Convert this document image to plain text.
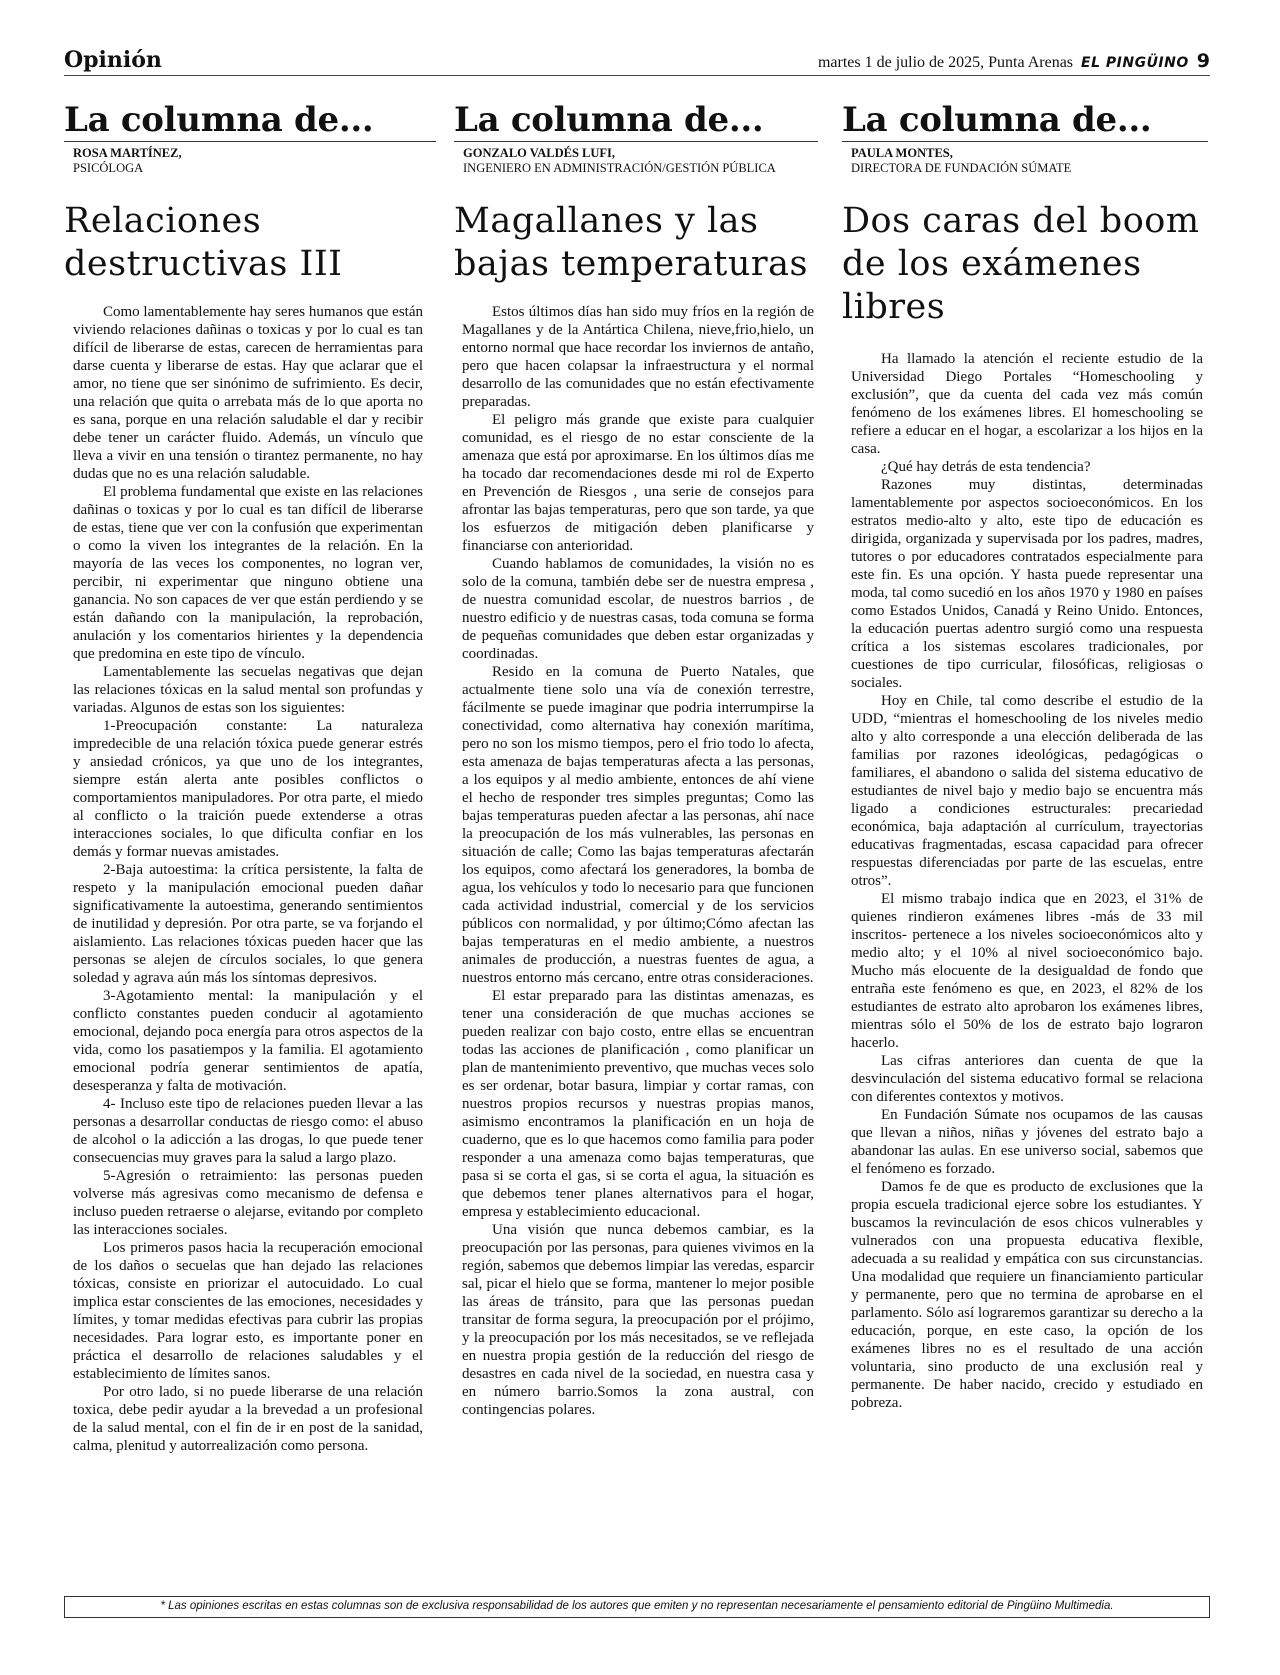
Opinión	martes 1 de julio de 2025, Punta Arenas EL PINGÜINO 9
La columna de...
ROSA MARTÍNEZ,
PSICÓLOGA
Relaciones destructivas III

Como lamentablemente hay seres humanos que están viviendo relaciones dañinas o toxicas y por lo cual es tan difícil de liberarse de estas, carecen de herramientas para darse cuenta y liberarse de estas. Hay que aclarar que el amor, no tiene que ser sinónimo de sufrimiento. Es decir, una relación que quita o arrebata más de lo que aporta no es sana, porque en una relación saludable el dar y recibir debe tener un carácter fluido. Además, un vínculo que lleva a vivir en una tensión o tirantez permanente, no hay dudas que no es una relación saludable.

El problema fundamental que existe en las relaciones dañinas o toxicas y por lo cual es tan difícil de liberarse de estas, tiene que ver con la confusión que experimentan o como la viven los integrantes de la relación. En la mayoría de las veces los componentes, no logran ver, percibir, ni experimentar que ninguno obtiene una ganancia. No son capaces de ver que están perdiendo y se están dañando con la manipulación, la reprobación, anulación y los comentarios hirientes y la dependencia que predomina en este tipo de vínculo.

Lamentablemente las secuelas negativas que dejan las relaciones tóxicas en la salud mental son profundas y variadas. Algunos de estas son los siguientes:

1-Preocupación constante: La naturaleza impredecible de una relación tóxica puede generar estrés y ansiedad crónicos, ya que uno de los integrantes, siempre están alerta ante posibles conflictos o comportamientos manipuladores. Por otra parte, el miedo al conflicto o la traición puede extenderse a otras interacciones sociales, lo que dificulta confiar en los demás y formar nuevas amistades.

2-Baja autoestima: la crítica persistente, la falta de respeto y la manipulación emocional pueden dañar significativamente la autoestima, generando sentimientos de inutilidad y depresión. Por otra parte, se va forjando el aislamiento. Las relaciones tóxicas pueden hacer que las personas se alejen de círculos sociales, lo que genera soledad y agrava aún más los síntomas depresivos.

3-Agotamiento mental: la manipulación y el conflicto constantes pueden conducir al agotamiento emocional, dejando poca energía para otros aspectos de la vida, como los pasatiempos y la familia. El agotamiento emocional podría generar sentimientos de apatía, desesperanza y falta de motivación.

4- Incluso este tipo de relaciones pueden llevar a las personas a desarrollar conductas de riesgo como: el abuso de alcohol o la adicción a las drogas, lo que puede tener consecuencias muy graves para la salud a largo plazo.

5-Agresión o retraimiento: las personas pueden volverse más agresivas como mecanismo de defensa e incluso pueden retraerse o alejarse, evitando por completo las interacciones sociales.

Los primeros pasos hacia la recuperación emocional de los daños o secuelas que han dejado las relaciones tóxicas, consiste en priorizar el autocuidado. Lo cual implica estar conscientes de las emociones, necesidades y límites, y tomar medidas efectivas para cubrir las propias necesidades. Para lograr esto, es importante poner en práctica el desarrollo de relaciones saludables y el establecimiento de límites sanos.

Por otro lado, si no puede liberarse de una relación toxica, debe pedir ayudar a la brevedad a un profesional de la salud mental, con el fin de ir en post de la sanidad, calma, plenitud y autorrealización como persona.

La columna de...
GONZALO VALDÉS LUFI,
INGENIERO EN ADMINISTRACIÓN/GESTIÓN PÚBLICA
Magallanes y las bajas temperaturas

Estos últimos días han sido muy fríos en la región de Magallanes y de la Antártica Chilena, nieve,frio,hielo, un entorno normal que hace recordar los inviernos de antaño, pero que hacen colapsar la infraestructura y el normal desarrollo de las comunidades que no están efectivamente preparadas.

El peligro más grande que existe para cualquier comunidad, es el riesgo de no estar consciente de la amenaza que está por aproximarse. En los últimos días me ha tocado dar recomendaciones desde mi rol de Experto en Prevención de Riesgos , una serie de consejos para afrontar las bajas temperaturas, pero que son tarde, ya que los esfuerzos de mitigación deben planificarse y financiarse con anterioridad.

Cuando hablamos de comunidades, la visión no es solo de la comuna, también debe ser de nuestra empresa , de nuestra comunidad escolar, de nuestros barrios , de nuestro edificio y de nuestras casas, toda comuna se forma de pequeñas comunidades que deben estar organizadas y coordinadas.

Resido en la comuna de Puerto Natales, que actualmente tiene solo una vía de conexión terrestre, fácilmente se puede imaginar que podria interrumpirse la conectividad, como alternativa hay conexión marítima, pero no son los mismo tiempos, pero el frio todo lo afecta, esta amenaza de bajas temperaturas afecta a las personas, a los equipos y al medio ambiente, entonces de ahí viene el hecho de responder tres simples preguntas; Como las bajas temperaturas pueden afectar a las personas, ahí nace la preocupación de los más vulnerables, las personas en situación de calle; Como las bajas temperaturas afectarán los equipos, como afectará los generadores, la bomba de agua, los vehículos y todo lo necesario para que funcionen cada actividad industrial, comercial y de los servicios públicos con normalidad, y por último;Cómo afectan las bajas temperaturas en el medio ambiente, a nuestros animales de producción, a nuestras fuentes de agua, a nuestros entorno más cercano, entre otras consideraciones.

El estar preparado para las distintas amenazas, es tener una consideración de que muchas acciones se pueden realizar con bajo costo, entre ellas se encuentran todas las acciones de planificación , como planificar un plan de mantenimiento preventivo, que muchas veces solo es ser ordenar, botar basura, limpiar y cortar ramas, con nuestros propios recursos y nuestras propias manos, asimismo encontramos la planificación en un hoja de cuaderno, que es lo que hacemos como familia para poder responder a una amenaza como bajas temperaturas, que pasa si se corta el gas, si se corta el agua, la situación es que debemos tener planes alternativos para el hogar, empresa y establecimiento educacional.

Una visión que nunca debemos cambiar, es la preocupación por las personas, para quienes vivimos en la región, sabemos que debemos limpiar las veredas, esparcir sal, picar el hielo que se forma, mantener lo mejor posible las áreas de tránsito, para que las personas puedan transitar de forma segura, la preocupación por el prójimo, y la preocupación por los más necesitados, se ve reflejada en nuestra propia gestión de la reducción del riesgo de desastres en cada nivel de la sociedad, en nuestra casa y en número barrio.Somos la zona austral, con contingencias polares.

La columna de...
PAULA MONTES,
DIRECTORA DE FUNDACIÓN SÚMATE
Dos caras del boom de los exámenes libres

Ha llamado la atención el reciente estudio de la Universidad Diego Portales “Homeschooling y exclusión”, que da cuenta del cada vez más común fenómeno de los exámenes libres. El homeschooling se refiere a educar en el hogar, a escolarizar a los hijos en la casa.

¿Qué hay detrás de esta tendencia?

Razones muy distintas, determinadas lamentablemente por aspectos socioeconómicos. En los estratos medio-alto y alto, este tipo de educación es dirigida, organizada y supervisada por los padres, madres, tutores o por educadores contratados especialmente para este fin. Es una opción. Y hasta puede representar una moda, tal como sucedió en los años 1970 y 1980 en países como Estados Unidos, Canadá y Reino Unido. Entonces, la educación puertas adentro surgió como una respuesta crítica a los sistemas escolares tradicionales, por cuestiones de tipo curricular, filosóficas, religiosas o sociales.

Hoy en Chile, tal como describe el estudio de la UDD, “mientras el homeschooling de los niveles medio alto y alto corresponde a una elección deliberada de las familias por razones ideológicas, pedagógicas o familiares, el abandono o salida del sistema educativo de estudiantes de nivel bajo y medio bajo se encuentra más ligado a condiciones estructurales: precariedad económica, baja adaptación al currículum, trayectorias educativas fragmentadas, escasa capacidad para ofrecer respuestas diferenciadas por parte de las escuelas, entre otros”.

El mismo trabajo indica que en 2023, el 31% de quienes rindieron exámenes libres -más de 33 mil inscritos- pertenece a los niveles socioeconómicos alto y medio alto; y el 10% al nivel socioeconómico bajo. Mucho más elocuente de la desigualdad de fondo que entraña este fenómeno es que, en 2023, el 82% de los estudiantes de estrato alto aprobaron los exámenes libres, mientras sólo el 50% de los de estrato bajo lograron hacerlo.

Las cifras anteriores dan cuenta de que la desvinculación del sistema educativo formal se relaciona con diferentes contextos y motivos.

En Fundación Súmate nos ocupamos de las causas que llevan a niños, niñas y jóvenes del estrato bajo a abandonar las aulas. En ese universo social, sabemos que el fenómeno es forzado.

Damos fe de que es producto de exclusiones que la propia escuela tradicional ejerce sobre los estudiantes. Y buscamos la revinculación de esos chicos vulnerables y vulnerados con una propuesta educativa flexible, adecuada a su realidad y empática con sus circunstancias. Una modalidad que requiere un financiamiento particular y permanente, pero que no termina de aprobarse en el parlamento. Sólo así lograremos garantizar su derecho a la educación, porque, en este caso, la opción de los exámenes libres no es el resultado de una acción voluntaria, sino producto de una exclusión real y permanente. De haber nacido, crecido y estudiado en pobreza.

* Las opiniones escritas en estas columnas son de exclusiva responsabilidad de los autores que emiten y no representan necesariamente el pensamiento editorial de Pingüino Multimedia.
